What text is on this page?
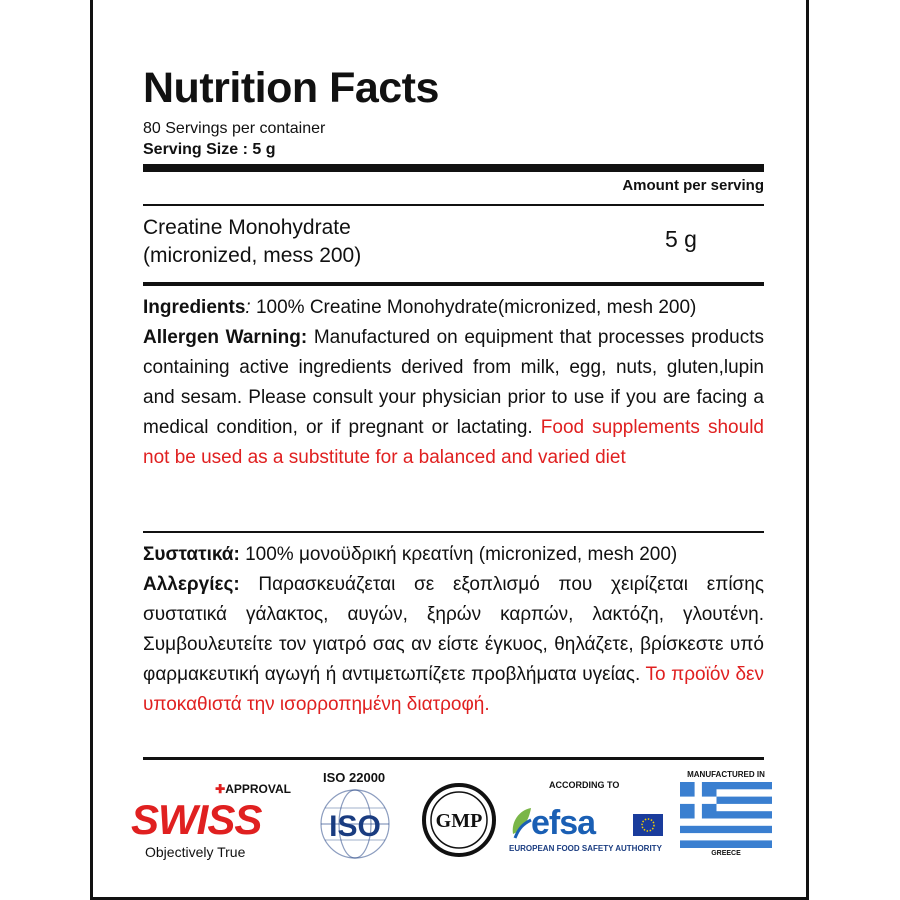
Nutrition Facts
80 Servings per container
Serving Size : 5 g
Amount per serving
Creatine Monohydrate
(micronized, mess 200)
5 g
Ingredients: 100% Creatine Monohydrate(micronized, mesh 200)
Allergen Warning: Manufactured on equipment that processes products containing active ingredients derived from milk, egg, nuts, gluten,lupin and sesam. Please consult your physician prior to use if you are facing a medical condition, or if pregnant or lactating. Food supplements should not be used as a substitute for a balanced and varied diet
Συστατικά: 100% μονοϋδρική κρεατίνη (micronized, mesh 200)
Αλλεργίες: Παρασκευάζεται σε εξοπλισμό που χειρίζεται επίσης συστατικά γάλακτος, αυγών, ξηρών καρπών, λακτόζη, γλουτένη. Συμβουλευτείτε τον γιατρό σας αν είστε έγκυος, θηλάζετε, βρίσκεστε υπό φαρμακευτική αγωγή ή αντιμετωπίζετε προβλήματα υγείας. Το προϊόν δεν υποκαθιστά την ισορροπημένη διατροφή.
✚APPROVAL
SWISS
Objectively True
ISO 22000
ISO	GMP
ACCORDING TO
efsa
EUROPEAN FOOD SAFETY AUTHORITY
MANUFACTURED IN
GREECE
